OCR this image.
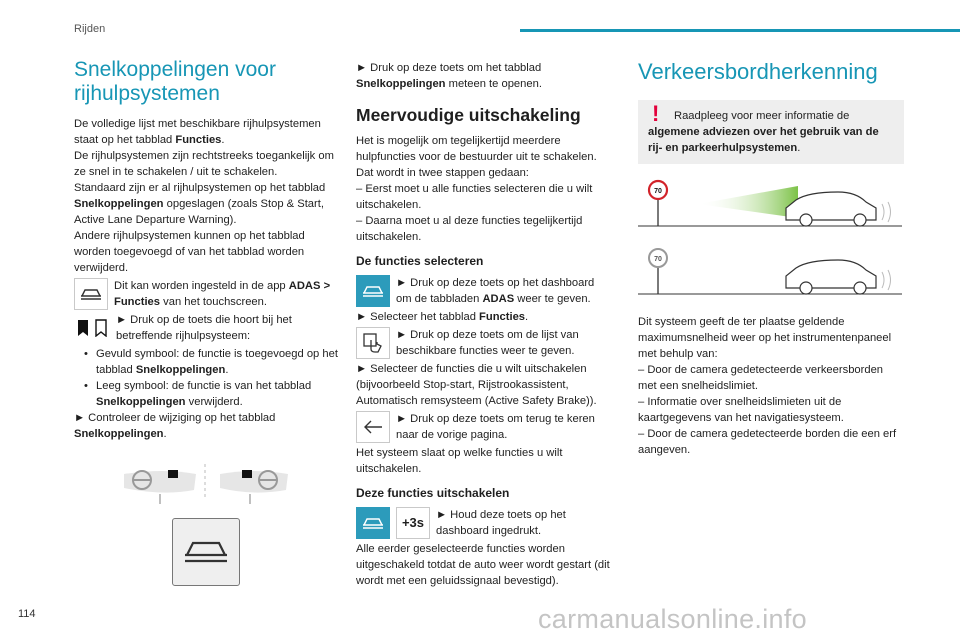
Rijden
Snelkoppelingen voor rijhulpsystemen

De volledige lijst met beschikbare rijhulpsystemen staat op het tabblad Functies.

De rijhulpsystemen zijn rechtstreeks toegankelijk om ze snel in te schakelen / uit te schakelen.

Standaard zijn er al rijhulpsystemen op het tabblad Snelkoppelingen opgeslagen (zoals Stop & Start, Active Lane Departure Warning).

Andere rijhulpsystemen kunnen op het tabblad worden toegevoegd of van het tabblad worden verwijderd.

Dit kan worden ingesteld in de app ADAS > Functies van het touchscreen.

► Druk op de toets die hoort bij het betreffende rijhulpsysteem:

• Gevuld symbool: de functie is toegevoegd op het tabblad Snelkoppelingen.
• Leeg symbool: de functie is van het tabblad Snelkoppelingen verwijderd.

► Controleer de wijziging op het tabblad Snelkoppelingen.

► Druk op deze toets om het tabblad Snelkoppelingen meteen te openen.

Meervoudige uitschakeling

Het is mogelijk om tegelijkertijd meerdere hulpfuncties voor de bestuurder uit te schakelen.

Dat wordt in twee stappen gedaan:

– Eerst moet u alle functies selecteren die u wilt uitschakelen.

– Daarna moet u al deze functies tegelijkertijd uitschakelen.

De functies selecteren

► Druk op deze toets op het dashboard om de tabbladen ADAS weer te geven.

► Selecteer het tabblad Functies.

► Druk op deze toets om de lijst van beschikbare functies weer te geven.

► Selecteer de functies die u wilt uitschakelen (bijvoorbeeld Stop-start, Rijstrookassistent, Automatisch remsysteem (Active Safety Brake)).

► Druk op deze toets om terug te keren naar de vorige pagina.

Het systeem slaat op welke functies u wilt uitschakelen.

Deze functies uitschakelen
+3s ► Houd deze toets op het dashboard ingedrukt.

Alle eerder geselecteerde functies worden uitgeschakeld totdat de auto weer wordt gestart (dit wordt met een geluidssignaal bevestigd).

Verkeersbordherkenning
!	Raadpleeg voor meer informatie de algemene adviezen over het gebruik van de rij- en parkeerhulpsystemen.

70
70

Dit systeem geeft de ter plaatse geldende maximumsnelheid weer op het instrumentenpaneel met behulp van:

– Door de camera gedetecteerde verkeersborden met een snelheidslimiet.

– Informatie over snelheidslimieten uit de kaartgegevens van het navigatiesysteem.

– Door de camera gedetecteerde borden die een erf aangeven.

114	carmanualsonline.info
